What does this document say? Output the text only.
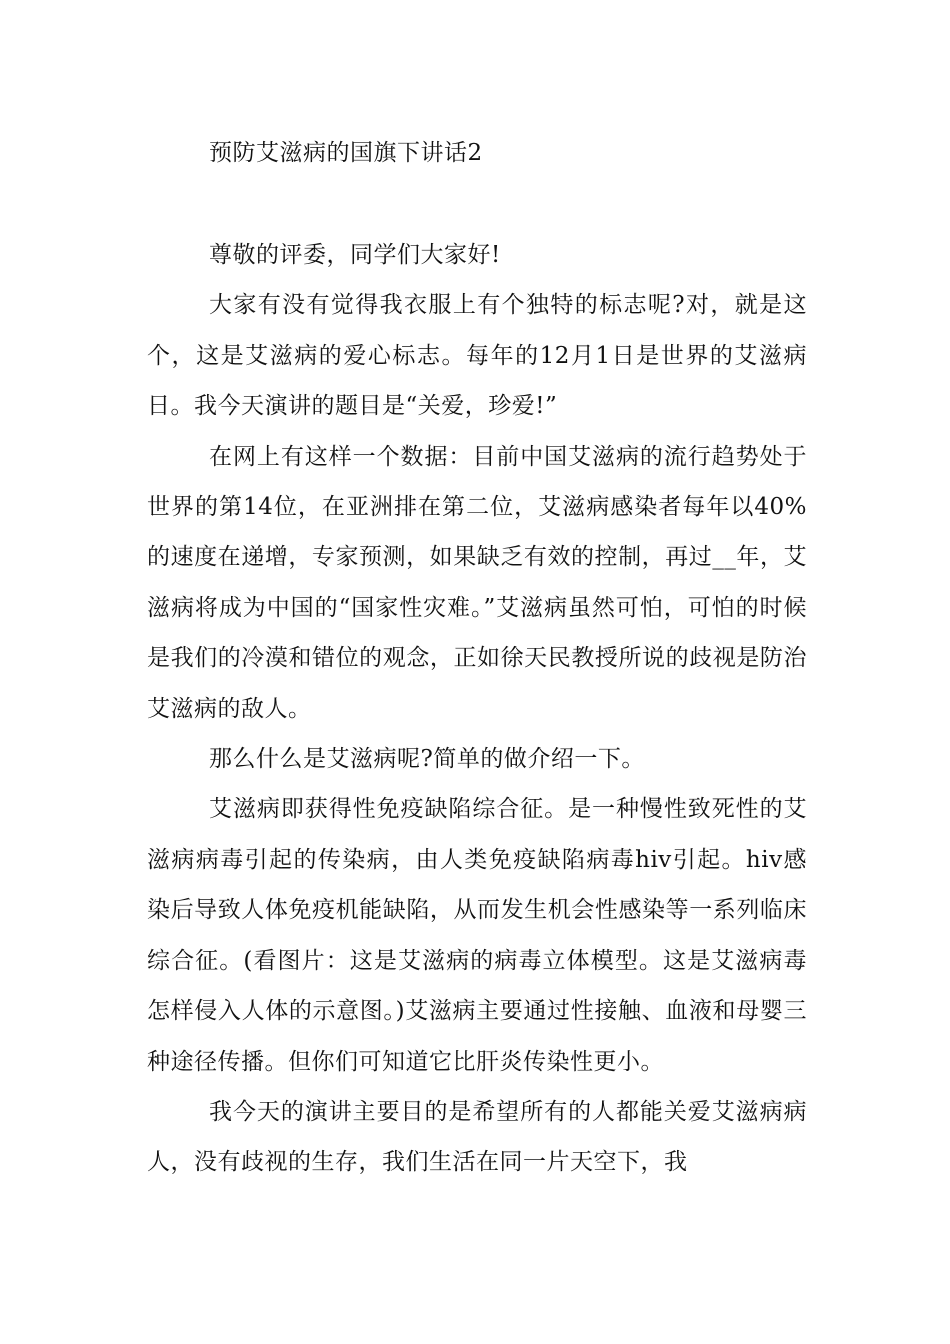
预防艾滋病的国旗下讲话2

尊敬的评委，同学们大家好!

大家有没有觉得我衣服上有个独特的标志呢?对，就是这个，这是艾滋病的爱心标志。每年的12月1日是世界的艾滋病日。我今天演讲的题目是“关爱，珍爱!”

在网上有这样一个数据：目前中国艾滋病的流行趋势处于世界的第14位，在亚洲排在第二位，艾滋病感染者每年以40%的速度在递增，专家预测，如果缺乏有效的控制，再过__年，艾滋病将成为中国的“国家性灾难。”艾滋病虽然可怕，可怕的时候是我们的冷漠和错位的观念，正如徐天民教授所说的歧视是防治艾滋病的敌人。

那么什么是艾滋病呢?简单的做介绍一下。

艾滋病即获得性免疫缺陷综合征。是一种慢性致死性的艾滋病病毒引起的传染病，由人类免疫缺陷病毒hiv引起。hiv感染后导致人体免疫机能缺陷，从而发生机会性感染等一系列临床综合征。(看图片：这是艾滋病的病毒立体模型。这是艾滋病毒怎样侵入人体的示意图。)艾滋病主要通过性接触、血液和母婴三种途径传播。但你们可知道它比肝炎传染性更小。

我今天的演讲主要目的是希望所有的人都能关爱艾滋病病人，没有歧视的生存，我们生活在同一片天空下，我
